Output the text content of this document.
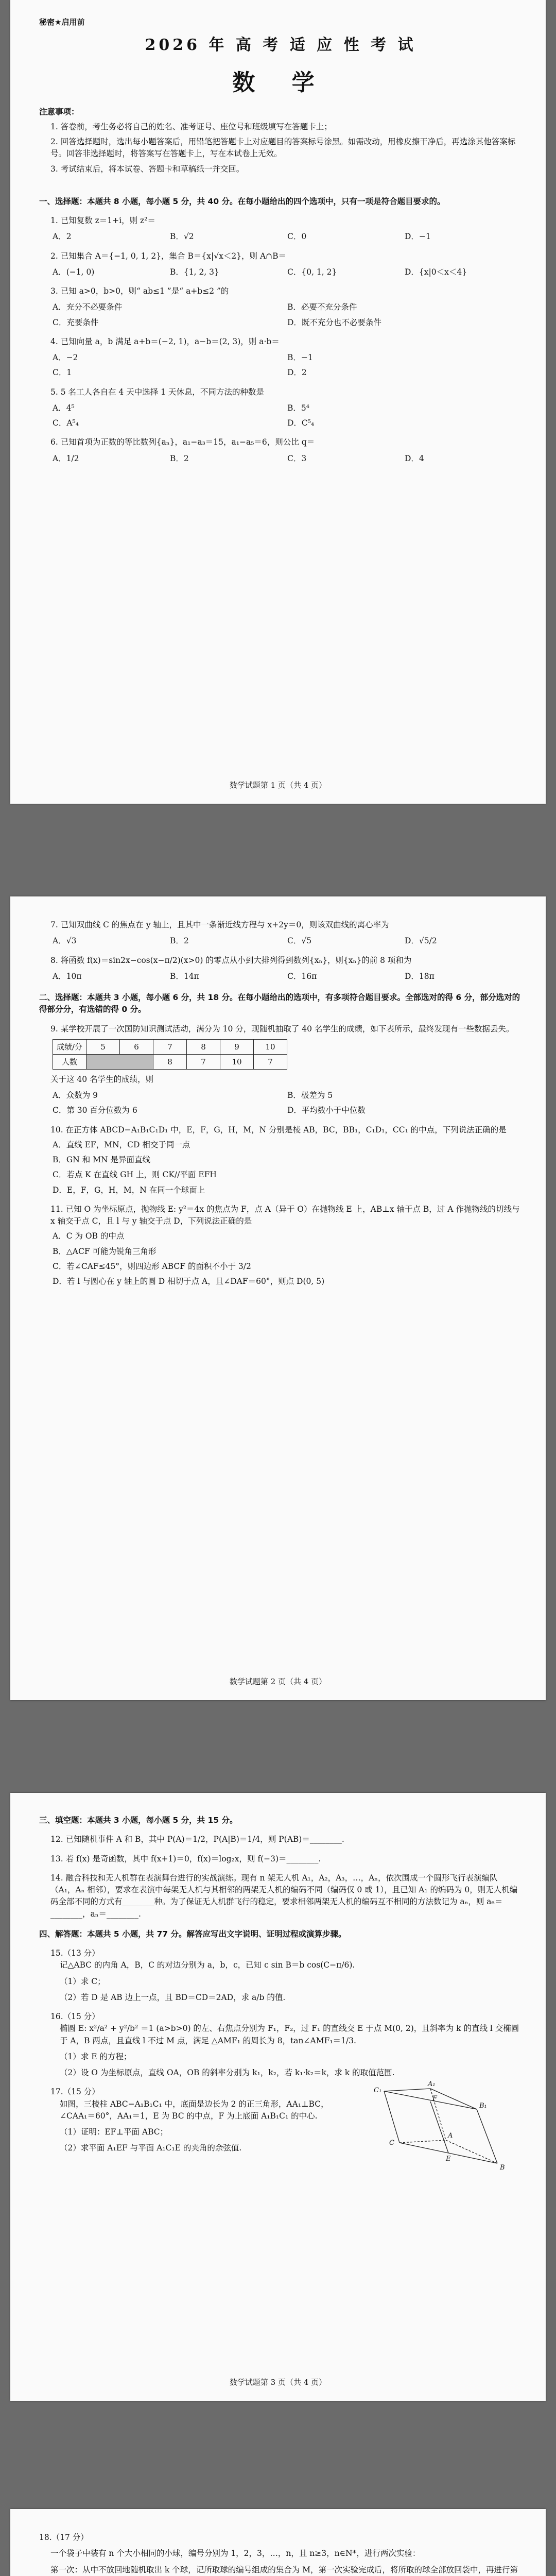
秘密★启用前
2026 年 高 考 适 应 性 考 试
数 学
注意事项：
1. 答卷前，考生务必将自己的姓名、准考证号、座位号和班级填写在答题卡上；
2. 回答选择题时，选出每小题答案后，用铅笔把答题卡上对应题目的答案标号涂黑。如需改动，用橡皮擦干净后，再选涂其他答案标号。回答非选择题时，将答案写在答题卡上，写在本试卷上无效。
3. 考试结束后，将本试卷、答题卡和草稿纸一并交回。
一、选择题：本题共 8 小题，每小题 5 分，共 40 分。在每小题给出的四个选项中，只有一项是符合题目要求的。
1. 已知复数 z＝1+i，则 z²＝
A．2	B．√2	C．0	D．−1
2. 已知集合 A＝{−1, 0, 1, 2}，集合 B＝{x|√x＜2}，则 A∩B＝
A．(−1, 0)	B．{1, 2, 3}	C．{0, 1, 2}	D．{x|0＜x＜4}
3. 已知 a>0，b>0，则“ ab≤1 ”是“ a+b≤2 ”的
A．充分不必要条件	B．必要不充分条件
C．充要条件	D．既不充分也不必要条件
4. 已知向量 a，b 满足 a+b＝(−2, 1)，a−b＝(2, 3)，则 a·b＝
A．−2	B．−1
C．1	D．2
5. 5 名工人各自在 4 天中选择 1 天休息，不同方法的种数是
A．4⁵	B．5⁴
C．A⁵₄	D．C⁵₄
6. 已知首项为正数的等比数列{aₙ}，a₁−a₃＝15，a₁−a₅＝6，则公比 q＝
A．1/2	B．2	C．3	D．4
数学试题第 1 页（共 4 页）
7. 已知双曲线 C 的焦点在 y 轴上，且其中一条渐近线方程与 x+2y＝0，则该双曲线的离心率为
A．√3	B．2	C．√5	D．√5/2
8. 将函数 f(x)＝sin2x−cos(x−π/2)(x>0) 的零点从小到大排列得到数列{xₙ}，则{xₙ}的前 8 项和为
A．10π	B．14π	C．16π	D．18π
二、选择题：本题共 3 小题，每小题 6 分，共 18 分。在每小题给出的选项中，有多项符合题目要求。全部选对的得 6 分，部分选对的得部分分，有选错的得 0 分。
9. 某学校开展了一次国防知识测试活动，满分为 10 分，现随机抽取了 40 名学生的成绩，如下表所示，最终发现有一些数据丢失。
成绩/分	5	6	7	8	9	10
人数			8	7	10	7
关于这 40 名学生的成绩，则
A．众数为 9	B．极差为 5
C．第 30 百分位数为 6	D．平均数小于中位数
10. 在正方体 ABCD−A₁B₁C₁D₁ 中，E，F，G，H，M，N 分别是棱 AB，BC，BB₁，C₁D₁，CC₁ 的中点，下列说法正确的是
A．直线 EF，MN，CD 相交于同一点
B．GN 和 MN 是异面直线
C．若点 K 在直线 GH 上，则 CK//平面 EFH
D．E，F，G，H，M，N 在同一个球面上
11. 已知 O 为坐标原点，抛物线 E: y²＝4x 的焦点为 F，点 A（异于 O）在抛物线 E 上，AB⊥x 轴于点 B，过 A 作抛物线的切线与 x 轴交于点 C，且 l 与 y 轴交于点 D，下列说法正确的是
A．C 为 OB 的中点
B．△ACF 可能为锐角三角形
C．若∠CAF≤45°，则四边形 ABCF 的面积不小于 3/2
D．若 l 与圆心在 y 轴上的圆 D 相切于点 A，且∠DAF＝60°，则点 D(0, 5)
数学试题第 2 页（共 4 页）
三、填空题：本题共 3 小题，每小题 5 分，共 15 分。
12. 已知随机事件 A 和 B，其中 P(A)＝1/2，P(A|B)＝1/4，则 P(AB)＝________.
13. 若 f(x) 是奇函数，其中 f(x+1)＝0，f(x)＝log₂x，则 f(−3)＝________.
14. 融合科技和无人机群在表演舞台进行的实战演练。现有 n 架无人机 A₁，A₂，A₃，…，Aₙ，依次围成一个圆形飞行表演编队（A₁，Aₙ 相邻），要求在表演中每架无人机与其相邻的两架无人机的编码不同（编码仅 0 或 1），且已知 A₁ 的编码为 0，则无人机编码全部不同的方式有________种。为了保证无人机群飞行的稳定，要求相邻两架无人机的编码互不相同的方法数记为 aₙ，则 a₆＝________，aₙ＝________.
四、解答题：本题共 5 小题，共 77 分。解答应写出文字说明、证明过程或演算步骤。
15.（13 分）
记△ABC 的内角 A，B，C 的对边分别为 a，b，c，已知 c sin B＝b cos(C−π/6).
（1）求 C；
（2）若 D 是 AB 边上一点，且 BD＝CD＝2AD，求 a/b 的值.
16.（15 分）
椭圆 E: x²/a² + y²/b² ＝1 (a>b>0) 的左、右焦点分别为 F₁，F₂，过 F₁ 的直线交 E 于点 M(0, 2)，且斜率为 k 的直线 l 交椭圆于 A，B 两点，且直线 l 不过 M 点，满足 △AMF₁ 的周长为 8，tan∠AMF₁＝1/3.
（1）求 E 的方程；
（2）设 O 为坐标原点，直线 OA，OB 的斜率分别为 k₁，k₂，若 k₁·k₂＝k，求 k 的取值范围.
17.（15 分）
如图，三棱柱 ABC−A₁B₁C₁ 中，底面是边长为 2 的正三角形，AA₁⊥BC，∠CAA₁＝60°，AA₁＝1，E 为 BC 的中点，F 为上底面 A₁B₁C₁ 的中心.
（1）证明：EF⊥平面 ABC；
（2）求平面 A₁EF 与平面 A₁C₁E 的夹角的余弦值.
C₁
A₁
B₁
F
C
E
A
B
数学试题第 3 页（共 4 页）
18.（17 分）
一个袋子中装有 n 个大小相同的小球，编号分别为 1，2，3，…，n，且 n≥3，n∈N*，进行两次实验：
第一次：从中不放回地随机取出 k 个球，记所取球的编号组成的集合为 M，第一次实验完成后，将所取的球全部放回袋中，再进行第
